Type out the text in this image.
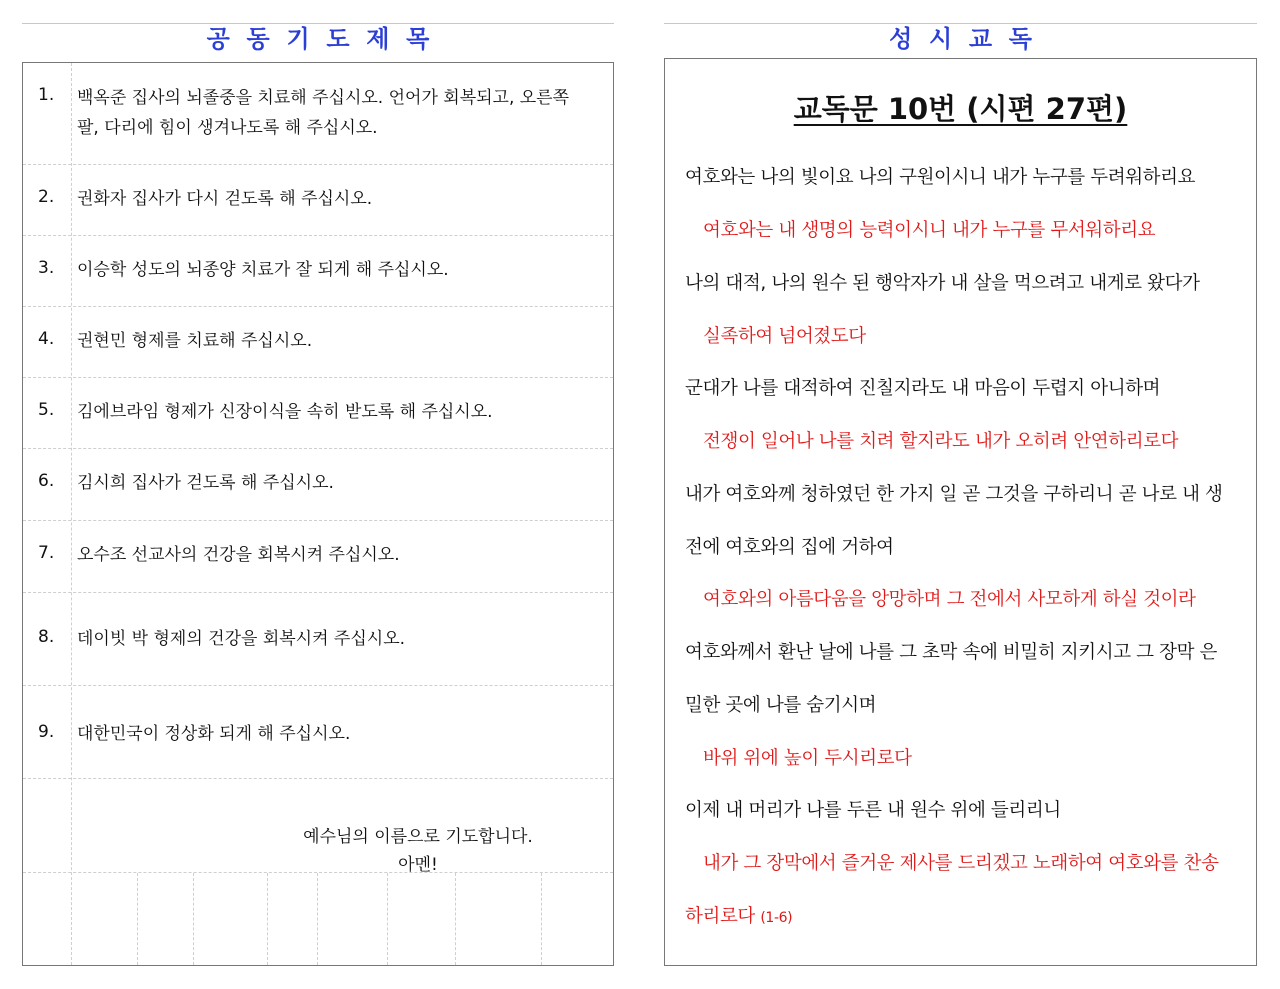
공  동  기  도  제  목	성  시  교  독
1. 백옥준 집사의 뇌졸중을 치료해 주십시오. 언어가 회복되고, 오른쪽 팔, 다리에 힘이 생겨나도록 해 주십시오.
2. 권화자 집사가 다시 걷도록 해 주십시오.
3. 이승학 성도의 뇌종양 치료가 잘 되게 해 주십시오.
4. 권현민 형제를 치료해 주십시오.
5. 김에브라임 형제가 신장이식을 속히 받도록 해 주십시오.
6. 김시희 집사가 걷도록 해 주십시오.
7. 오수조 선교사의 건강을 회복시켜 주십시오.
8. 데이빗 박 형제의 건강을 회복시켜 주십시오.
9. 대한민국이 정상화 되게 해 주십시오.
예수님의 이름으로 기도합니다.
아멘!
교독문 10번 (시편 27편)
여호와는 나의 빛이요 나의 구원이시니 내가 누구를 두려워하리요
여호와는 내 생명의 능력이시니 내가 누구를 무서워하리요
나의 대적, 나의 원수 된 행악자가 내 살을 먹으려고 내게로 왔다가
실족하여 넘어졌도다
군대가 나를 대적하여 진칠지라도 내 마음이 두렵지 아니하며
전쟁이 일어나 나를 치려 할지라도 내가 오히려 안연하리로다
내가 여호와께 청하였던 한 가지 일 곧 그것을 구하리니 곧 나로 내 생
전에 여호와의 집에 거하여
여호와의 아름다움을 앙망하며 그 전에서 사모하게 하실 것이라
여호와께서 환난 날에 나를 그 초막 속에 비밀히 지키시고 그 장막 은
밀한 곳에 나를 숨기시며
바위 위에 높이 두시리로다
이제 내 머리가 나를 두른 내 원수 위에 들리리니
내가 그 장막에서 즐거운 제사를 드리겠고 노래하여 여호와를 찬송
하리로다 (1-6)
